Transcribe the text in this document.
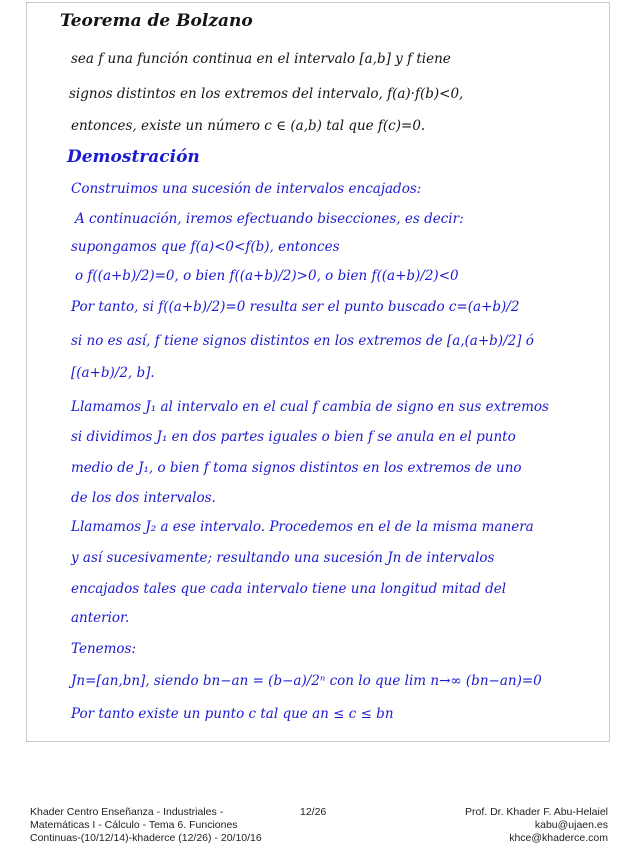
Teorema de Bolzano
sea f una función continua en el intervalo [a,b] y f tiene
signos distintos en los extremos del intervalo, f(a)·f(b)<0,
entonces, existe un número c ∈ (a,b) tal que f(c)=0.
Demostración
Construimos una sucesión de intervalos encajados:
A continuación, iremos efectuando bisecciones, es decir:
supongamos que f(a)<0<f(b), entonces
o f((a+b)/2)=0, o bien f((a+b)/2)>0, o bien f((a+b)/2)<0
Por tanto, si f((a+b)/2)=0 resulta ser el punto buscado c=(a+b)/2
si no es así, f tiene signos distintos en los extremos de [a,(a+b)/2] ó
[(a+b)/2, b].
Llamamos J₁ al intervalo en el cual f cambia de signo en sus extremos
si dividimos J₁ en dos partes iguales o bien f se anula en el punto
medio de J₁, o bien f toma signos distintos en los extremos de uno
de los dos intervalos.
Llamamos J₂ a ese intervalo. Procedemos en el de la misma manera
y así sucesivamente; resultando una sucesión Jn de intervalos
encajados tales que cada intervalo tiene una longitud mitad del
anterior.
Tenemos:
Jn=[an,bn], siendo bn−an = (b−a)/2ⁿ con lo que lim n→∞ (bn−an)=0
Por tanto existe un punto c tal que an ≤ c ≤ bn
Khader Centro Enseñanza - Industriales -
Matemáticas I - Cálculo - Tema 6. Funciones
Continuas-(10/12/14)-khaderce (12/26) - 20/10/16
12/26	Prof. Dr. Khader F. Abu-Helaiel
kabu@ujaen.es
khce@khaderce.com
